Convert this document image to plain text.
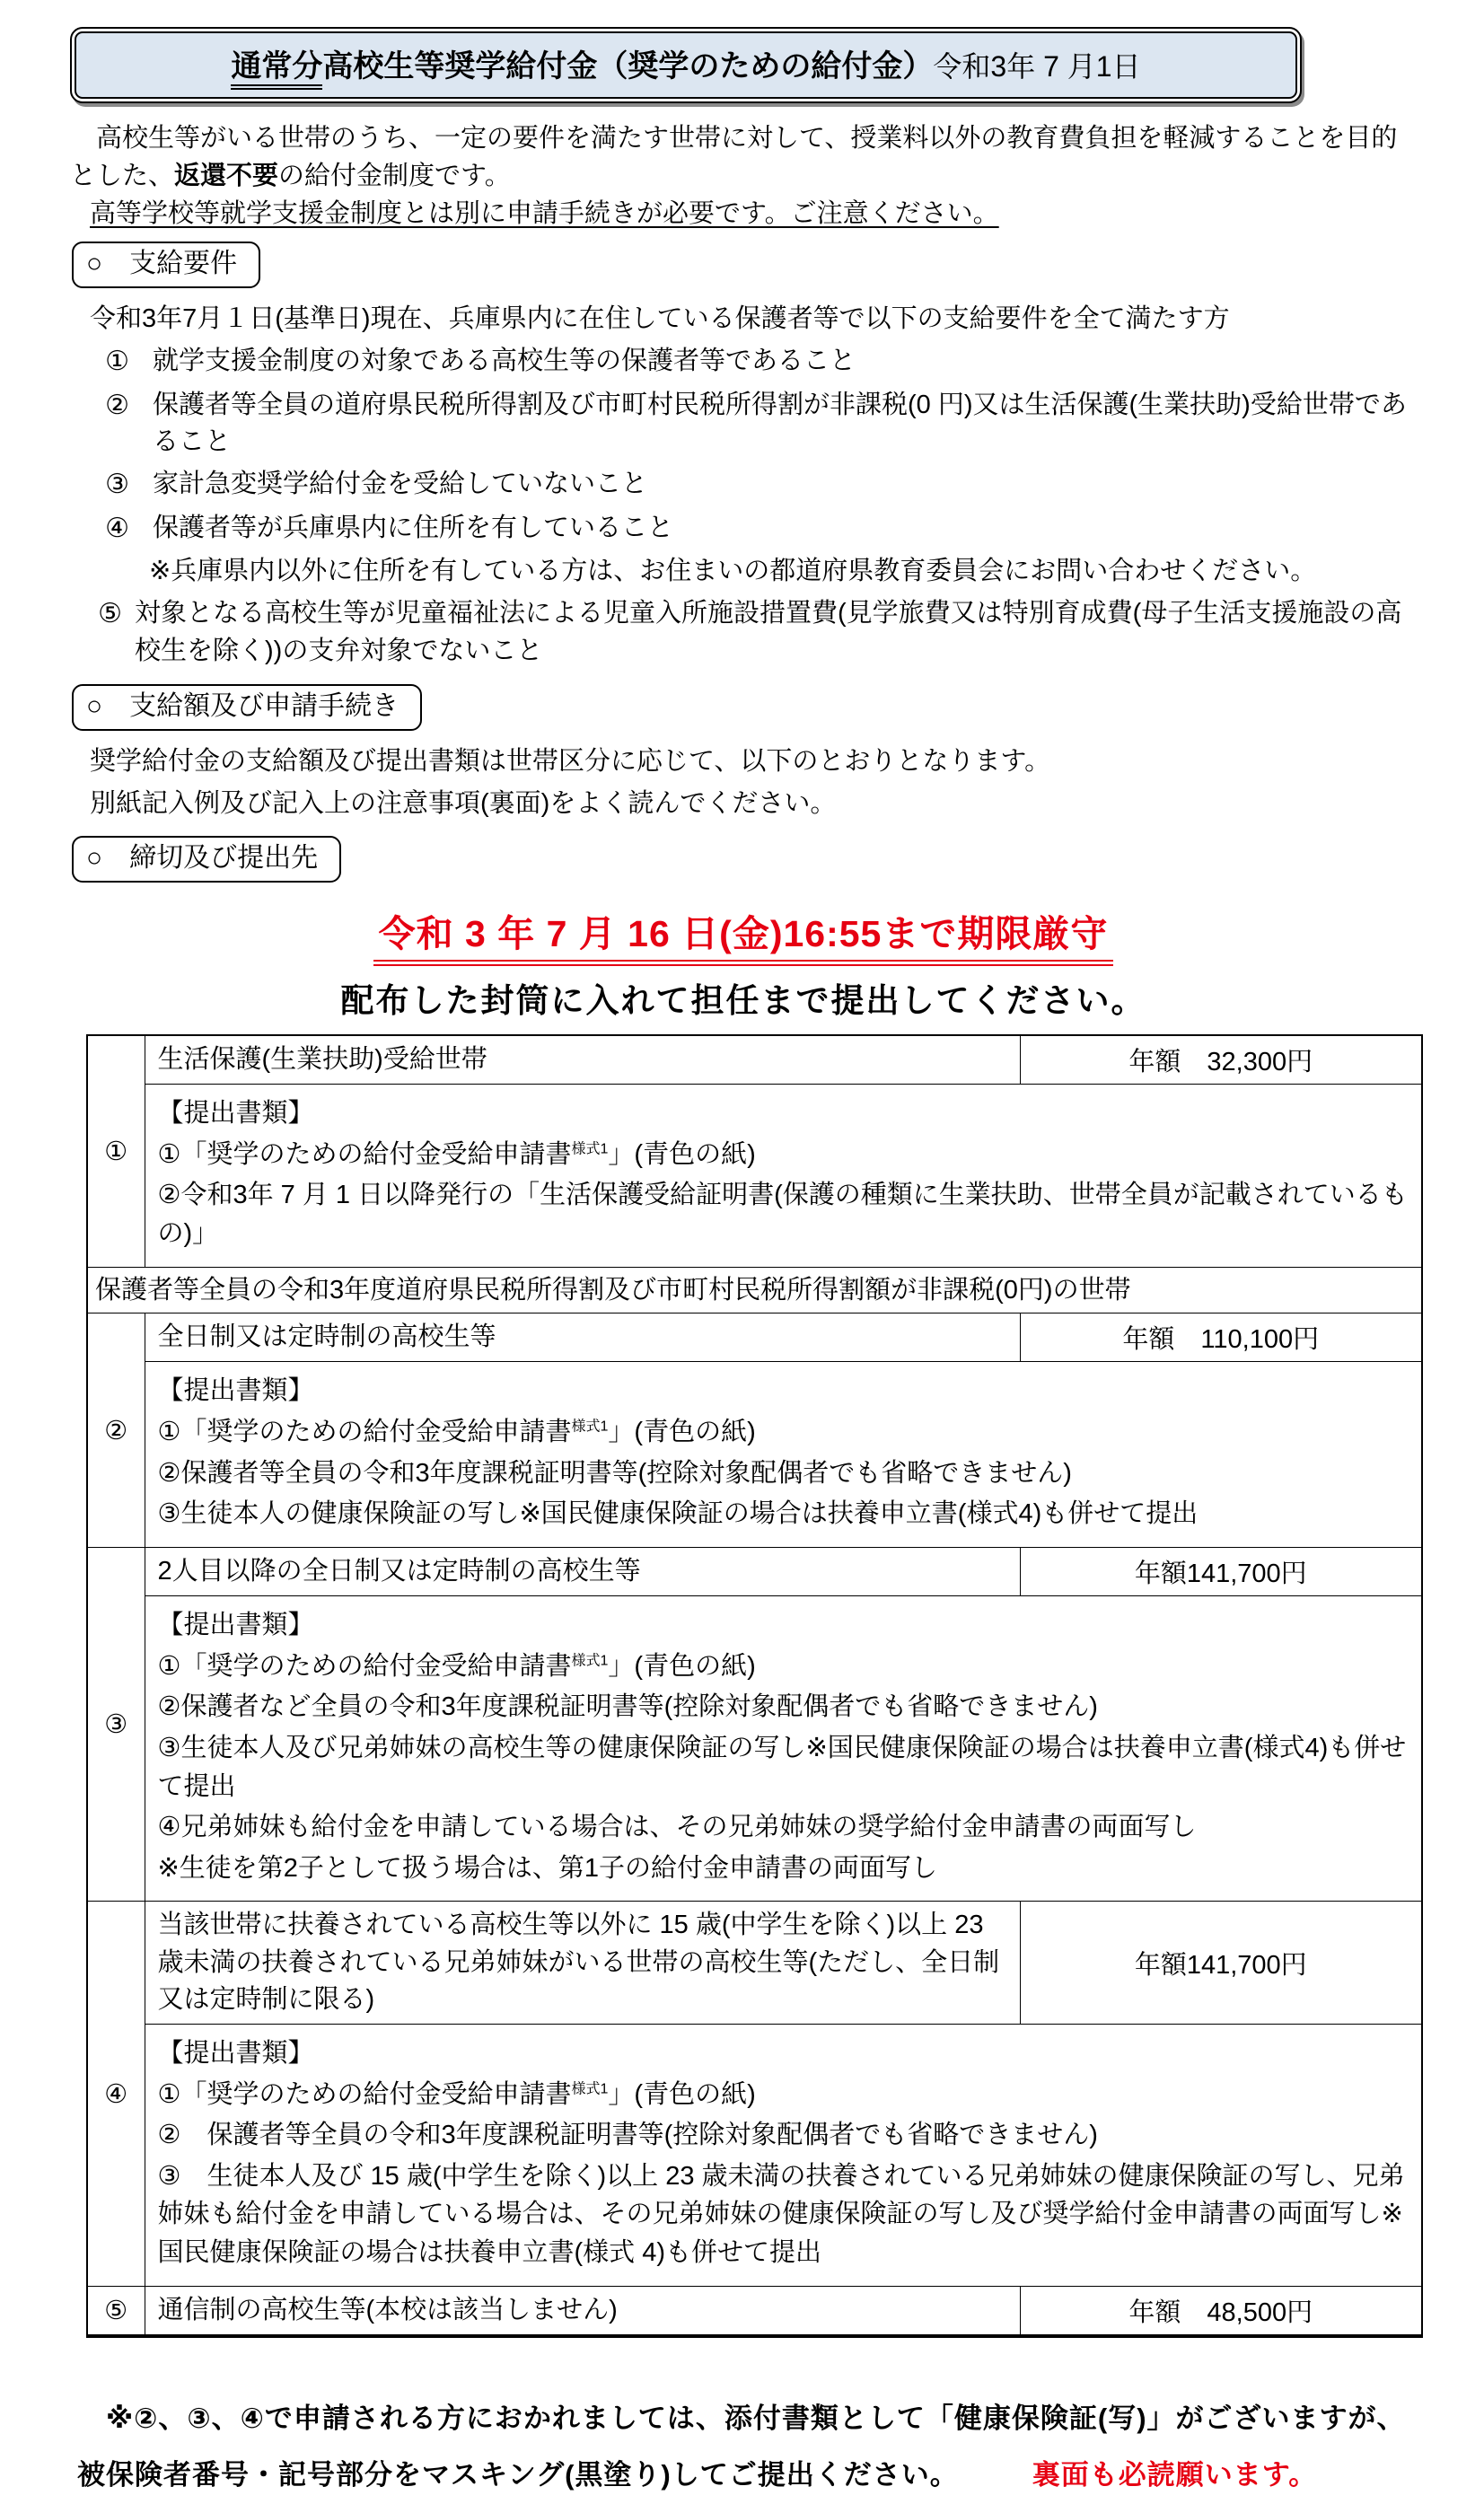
通常分高校生等奨学給付金（奨学のための給付金）令和3年 7 月1日
　高校生等がいる世帯のうち、一定の要件を満たす世帯に対して、授業料以外の教育費負担を軽減することを目的とした、返還不要の給付金制度です。
高等学校等就学支援金制度とは別に申請手続きが必要です。ご注意ください。
○　支給要件
令和3年7月１日(基準日)現在、兵庫県内に在住している保護者等で以下の支給要件を全て満たす方
① 就学支援金制度の対象である高校生等の保護者等であること
② 保護者等全員の道府県民税所得割及び市町村民税所得割が非課税(0 円)又は生活保護(生業扶助)受給世帯であること
③ 家計急変奨学給付金を受給していないこと
④ 保護者等が兵庫県内に住所を有していること
※兵庫県内以外に住所を有している方は、お住まいの都道府県教育委員会にお問い合わせください。
⑤ 対象となる高校生等が児童福祉法による児童入所施設措置費(見学旅費又は特別育成費(母子生活支援施設の高校生を除く))の支弁対象でないこと
○　支給額及び申請手続き
奨学給付金の支給額及び提出書類は世帯区分に応じて、以下のとおりとなります。
別紙記入例及び記入上の注意事項(裏面)をよく読んでください。
○　締切及び提出先
令和 3 年 7 月 16 日(金)16:55まで期限厳守
配布した封筒に入れて担任まで提出してください。
①	生活保護(生業扶助)受給世帯	年額　32,300円

	【提出書類】
①「奨学のための給付金受給申請書$^{様式1}$」(青色の紙)
②令和3年 7 月 1 日以降発行の「生活保護受給証明書(保護の種類に生業扶助、世帯全員が記載されているもの)」	

保護者等全員の令和3年度道府県民税所得割及び市町村民税所得割額が非課税(0円)の世帯		
②	全日制又は定時制の高校生等	年額　110,100円

	【提出書類】
①「奨学のための給付金受給申請書$^{様式1}$」(青色の紙)
②保護者等全員の令和3年度課税証明書等(控除対象配偶者でも省略できません)
③生徒本人の健康保険証の写し※国民健康保険証の場合は扶養申立書(様式4)も併せて提出	

③	2人目以降の全日制又は定時制の高校生等	年額141,700円

【提出書類】
①「奨学のための給付金受給申請書$^{様式1}$」(青色の紙)
②保護者など全員の令和3年度課税証明書等(控除対象配偶者でも省略できません)
③生徒本人及び兄弟姉妹の高校生等の健康保険証の写し※国民健康保険証の場合は扶養申立書(様式4)も併せて提出
④兄弟姉妹も給付金を申請している場合は、その兄弟姉妹の奨学給付金申請書の両面写し
※生徒を第2子として扱う場合は、第1子の給付金申請書の両面写し

④	当該世帯に扶養されている高校生等以外に 15 歳(中学生を除く)以上 23 歳未満の扶養されている兄弟姉妹がいる世帯の高校生等(ただし、全日制又は定時制に限る)	年額141,700円

	【提出書類】
①「奨学のための給付金受給申請書$^{様式1}$」(青色の紙)
②　保護者等全員の令和3年度課税証明書等(控除対象配偶者でも省略できません)
③　生徒本人及び 15 歳(中学生を除く)以上 23 歳未満の扶養されている兄弟姉妹の健康保険証の写し、兄弟姉妹も給付金を申請している場合は、その兄弟姉妹の健康保険証の写し及び奨学給付金申請書の両面写し※国民健康保険証の場合は扶養申立書(様式 4)も併せて提出	

⑤	通信制の高校生等(本校は該当しません)	年額　48,500円
　※②、③、④で申請される方におかれましては、添付書類として「健康保険証(写)」がございますが、被保険者番号・記号部分をマスキング(黒塗り)してご提出ください。	裏面も必読願います。
